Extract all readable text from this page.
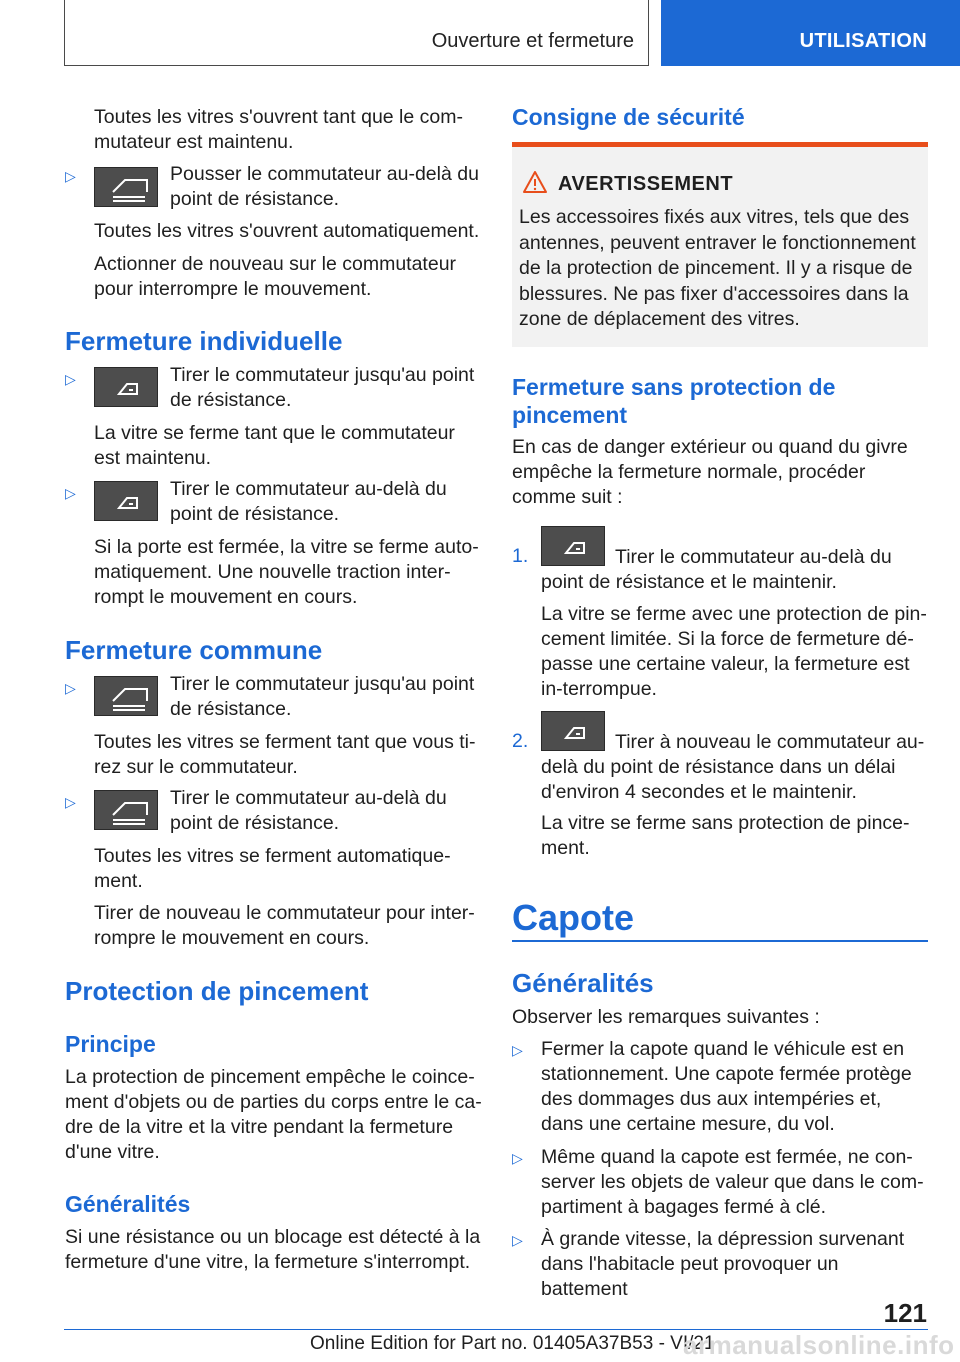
Ouverture et fermeture	UTILISATION
Toutes les vitres s'ouvrent tant que le com-mutateur est maintenu.
▷	Pousser le commutateur au-delà du point de résistance.
Toutes les vitres s'ouvrent automatiquement.
Actionner de nouveau sur le commutateur pour interrompre le mouvement.
Fermeture individuelle
▷	Tirer le commutateur jusqu'au point de résistance.
La vitre se ferme tant que le commutateur est maintenu.
▷	Tirer le commutateur au-delà du point de résistance.
Si la porte est fermée, la vitre se ferme auto-matiquement. Une nouvelle traction inter-rompt le mouvement en cours.
Fermeture commune
▷	Tirer le commutateur jusqu'au point de résistance.
Toutes les vitres se ferment tant que vous ti-rez sur le commutateur.
▷	Tirer le commutateur au-delà du point de résistance.
Toutes les vitres se ferment automatique-ment.
Tirer de nouveau le commutateur pour inter-rompre le mouvement en cours.
Protection de pincement
Principe
La protection de pincement empêche le coince-ment d'objets ou de parties du corps entre le ca-dre de la vitre et la vitre pendant la fermeture d'une vitre.
Généralités
Si une résistance ou un blocage est détecté à la fermeture d'une vitre, la fermeture s'interrompt.
Consigne de sécurité
AVERTISSEMENT
Les accessoires fixés aux vitres, tels que des antennes, peuvent entraver le fonctionnement de la protection de pincement. Il y a risque de blessures. Ne pas fixer d'accessoires dans la zone de déplacement des vitres.
Fermeture sans protection de pincement
En cas de danger extérieur ou quand du givre empêche la fermeture normale, procéder comme suit :
1.	Tirer le commutateur au-delà du
point de résistance et le maintenir.
La vitre se ferme avec une protection de pin-cement limitée. Si la force de fermeture dé-passe une certaine valeur, la fermeture est in-terrompue.
2.	Tirer à nouveau le commutateur au-
delà du point de résistance dans un délai d'environ 4 secondes et le maintenir.
La vitre se ferme sans protection de pince-ment.
Capote
Généralités
Observer les remarques suivantes :
▷ Fermer la capote quand le véhicule est en stationnement. Une capote fermée protège des dommages dus aux intempéries et, dans une certaine mesure, du vol.
▷ Même quand la capote est fermée, ne con-server les objets de valeur que dans le com-partiment à bagages fermé à clé.
▷ À grande vitesse, la dépression survenant dans l'habitacle peut provoquer un battement
121
Online Edition for Part no. 01405A37B53 - VI/21
armanualsonline.info
